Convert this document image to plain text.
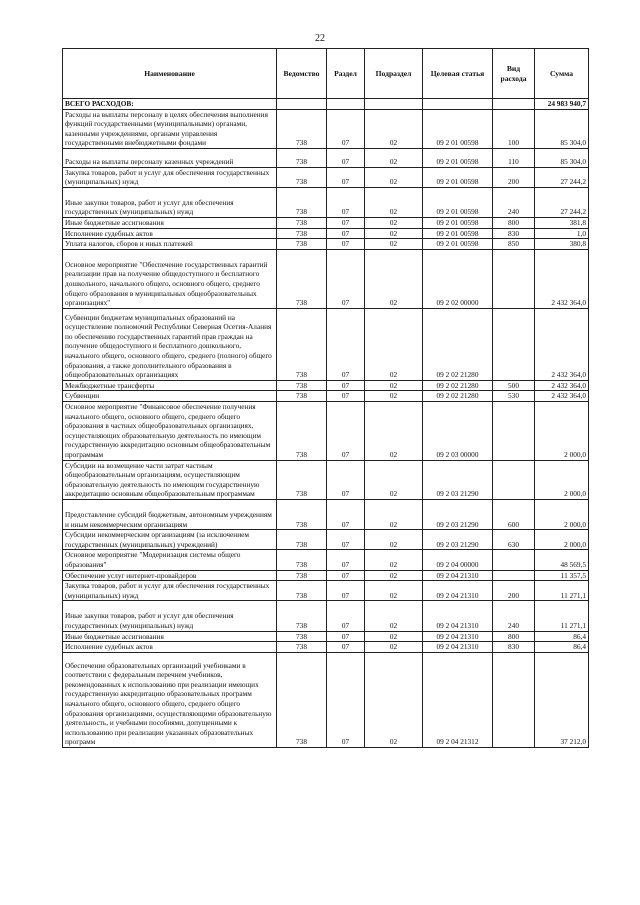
22
Наименование	Ведомство	Раздел	Подраздел	Целевая статья	Вид расхода	Сумма
ВСЕГО РАСХОДОВ:						24 983 940,7
Расходы на выплаты персоналу в целях обеспечения выполнения функций государственными (муниципальными) органами, казенными учреждениями, органами управления государственными внебюджетными фондами	738	07	02	09 2 01 00598	100	85 304,0
Расходы на выплаты персоналу казенных учреждений	738	07	02	09 2 01 00598	110	85 304,0
Закупка товаров, работ и услуг для обеспечения государственных (муниципальных) нужд	738	07	02	09 2 01 00598	200	27 244,2
Иные закупки товаров, работ и услуг для обеспечения государственных (муниципальных) нужд	738	07	02	09 2 01 00598	240	27 244,2
Иные бюджетные ассигнования	738	07	02	09 2 01 00598	800	381,8
Исполнение судебных актов	738	07	02	09 2 01 00598	830	1,0
Уплата налогов, сборов и иных платежей	738	07	02	09 2 01 00598	850	380,8
Основное мероприятие "Обеспечение государственных гарантий реализации прав на получение общедоступного и бесплатного дошкольного, начального общего, основного общего, среднего общего образования в муниципальных общеобразовательных организациях"	738	07	02	09 2 02 00000		2 432 364,0
Субвенции бюджетам муниципальных образований на осуществление полномочий Республики Северная Осетия-Алания по обеспечению государственных гарантий прав граждан на получение общедоступного и бесплатного дошкольного, начального общего, основного общего, среднего (полного) общего образования, а также дополнительного образования в общеобразовательных организациях	738	07	02	09 2 02 21280		2 432 364,0
Межбюджетные трансферты	738	07	02	09 2 02 21280	500	2 432 364,0
Субвенции	738	07	02	09 2 02 21280	530	2 432 364,0
Основное мероприятие "Финансовое обеспечение получения начального общего, основного общего, среднего общего образования в частных общеобразовательных организациях, осуществляющих образовательную деятельность по имеющим государственную аккредитацию основным общеобразовательным программам	738	07	02	09 2 03 00000		2 000,0
Субсидии на возмещение части затрат частным общеобразовательным организациям, осуществляющим образовательную деятельность по имеющим государственную аккредитацию основным общеобразовательным программам	738	07	02	09 2 03 21290		2 000,0
Предоставление субсидий бюджетным, автономным учреждениям и иным некоммерческим организациям	738	07	02	09 2 03 21290	600	2 000,0
Субсидии некоммерческим организациям (за исключением государственных (муниципальных) учреждений)	738	07	02	09 2 03 21290	630	2 000,0
Основное мероприятие "Модернизация системы общего образования"	738	07	02	09 2 04 00000		48 569,5
Обеспечение услуг интернет-провайдеров	738	07	02	09 2 04 21310		11 357,5
Закупка товаров, работ и услуг для обеспечения государственных (муниципальных) нужд	738	07	02	09 2 04 21310	200	11 271,1
Иные закупки товаров, работ и услуг для обеспечения государственных (муниципальных) нужд	738	07	02	09 2 04 21310	240	11 271,1
Иные бюджетные ассигнования	738	07	02	09 2 04 21310	800	86,4
Исполнение судебных актов	738	07	02	09 2 04 21310	830	86,4
Обеспечение образовательных организаций учебниками в соответствии с федеральным перечнем учебников, рекомендованных к использованию при реализации имеющих государственную аккредитацию образовательных программ начального общего, основного общего, среднего общего образования организациями, осуществляющими образовательную деятельность, и учебными пособиями, допущенными к использованию при реализации указанных образовательных программ	738	07	02	09 2 04 21312		37 212,0
